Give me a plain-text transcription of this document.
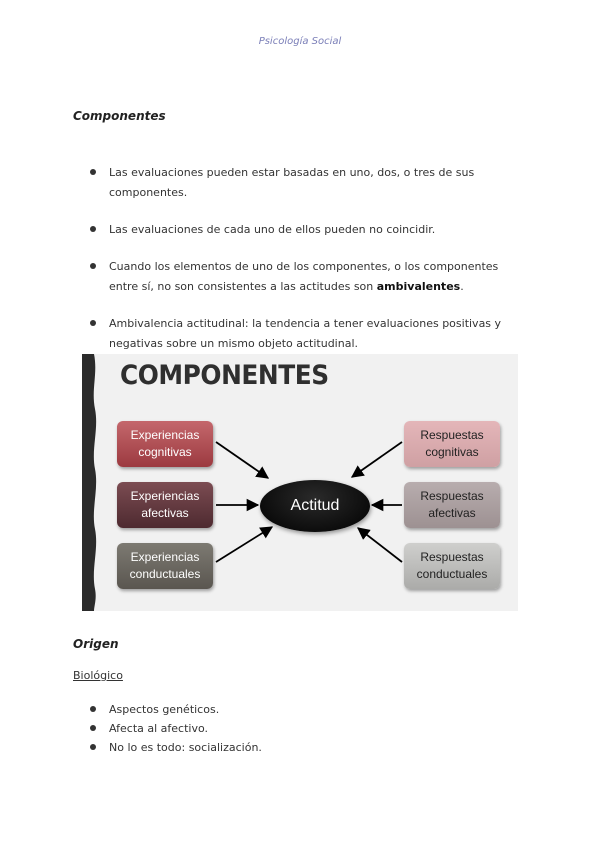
Psicología Social
Componentes
Las evaluaciones pueden estar basadas en uno, dos, o tres de sus componentes.
Las evaluaciones de cada uno de ellos pueden no coincidir.
Cuando los elementos de uno de los componentes, o los componentes entre sí, no son consistentes a las actitudes son ambivalentes.
Ambivalencia actitudinal: la tendencia a tener evaluaciones positivas y negativas sobre un mismo objeto actitudinal.
COMPONENTES
Experiencias cognitivas
Experiencias afectivas
Experiencias conductuales
Actitud
Respuestas cognitivas
Respuestas afectivas
Respuestas conductuales
Origen
Biológico
Aspectos genéticos.
Afecta al afectivo.
No lo es todo: socialización.
